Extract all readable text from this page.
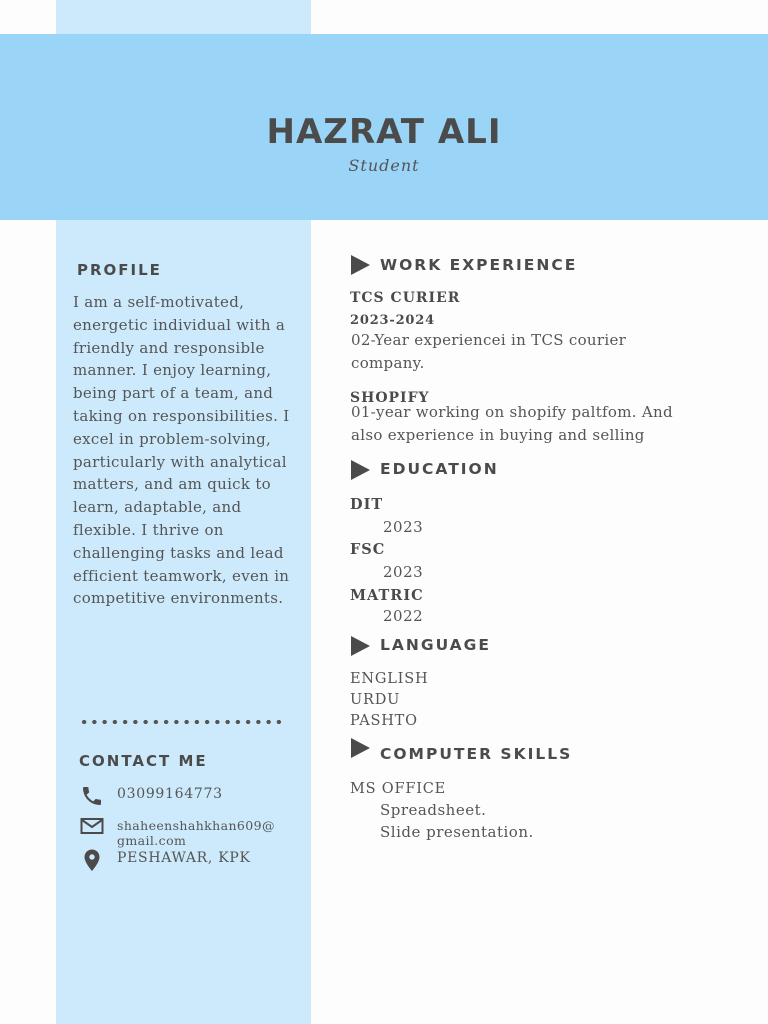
HAZRAT ALI
Student
PROFILE
I am a self-motivated, energetic individual with a friendly and responsible manner. I enjoy learning, being part of a team, and taking on responsibilities. I excel in problem-solving, particularly with analytical matters, and am quick to learn, adaptable, and flexible. I thrive on challenging tasks and lead efficient teamwork, even in competitive environments.
CONTACT ME
03099164773
shaheenshahkhan609@
gmail.com
PESHAWAR, KPK
WORK EXPERIENCE
TCS CURIER
2023-2024
02-Year experiencei in TCS courier company.
SHOPIFY
01-year working on shopify paltfom. And also experience in buying and selling
EDUCATION
DIT
2023
FSC
2023
MATRIC
2022
LANGUAGE
ENGLISH
URDU
PASHTO
COMPUTER SKILLS
MS OFFICE
Spreadsheet.
Slide presentation.
